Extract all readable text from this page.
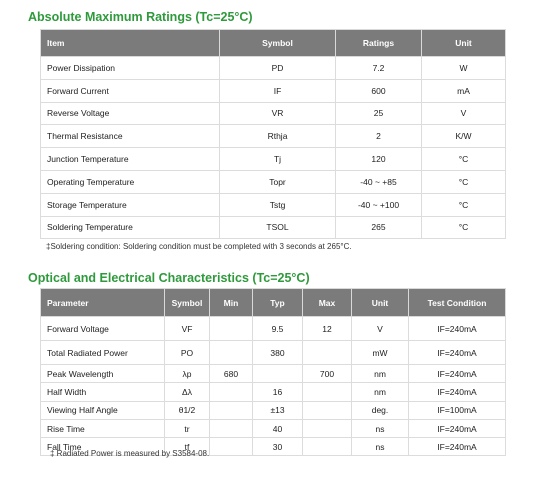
Absolute Maximum Ratings (Tc=25°C)
Item	Symbol	Ratings	Unit
Power Dissipation	PD	7.2	W
Forward Current	IF	600	mA
Reverse Voltage	VR	25	V
Thermal Resistance	Rthja	2	K/W
Junction Temperature	Tj	120	°C
Operating Temperature	Topr	-40 ~ +85	°C
Storage Temperature	Tstg	-40 ~ +100	°C
Soldering Temperature	TSOL	265	°C
‡Soldering condition: Soldering condition must be completed with 3 seconds at 265°C.
Optical and Electrical Characteristics (Tc=25°C)
Parameter	Symbol	Min	Typ	Max	Unit	Test Condition
Forward Voltage	VF		9.5	12	V	IF=240mA
Total Radiated Power	PO		380		mW	IF=240mA
Peak Wavelength	λp	680		700	nm	IF=240mA
Half Width	Δλ		16		nm	IF=240mA
Viewing Half Angle	θ1/2		±13		deg.	IF=100mA
Rise Time	tr		40		ns	IF=240mA
Fall Time	tf		30		ns	IF=240mA
‡ Radiated Power is measured by S3584-08.
